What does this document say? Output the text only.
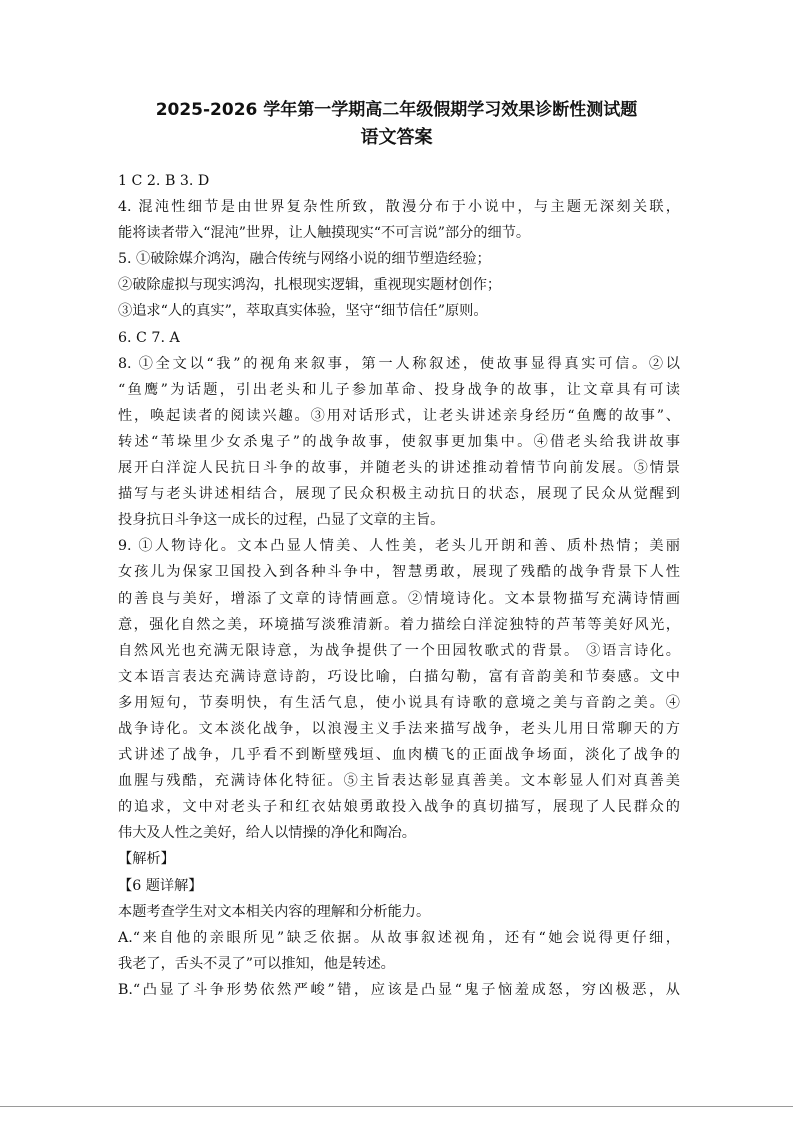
2025-2026 学年第一学期高二年级假期学习效果诊断性测试题
语文答案
1 C 2. B 3. D
4. 混沌性细节是由世界复杂性所致，散漫分布于小说中，与主题无深刻关联，
能将读者带入“混沌”世界，让人触摸现实“不可言说”部分的细节。
5. ①破除媒介鸿沟，融合传统与网络小说的细节塑造经验；
②破除虚拟与现实鸿沟，扎根现实逻辑，重视现实题材创作；
③追求“人的真实”，萃取真实体验，坚守“细节信任”原则。
6. C 7. A
8. ①全文以“我”的视角来叙事，第一人称叙述，使故事显得真实可信。②以
“鱼鹰”为话题，引出老头和儿子参加革命、投身战争的故事，让文章具有可读
性，唤起读者的阅读兴趣。③用对话形式，让老头讲述亲身经历“鱼鹰的故事”、
转述“苇垛里少女杀鬼子”的战争故事，使叙事更加集中。④借老头给我讲故事
展开白洋淀人民抗日斗争的故事，并随老头的讲述推动着情节向前发展。⑤情景
描写与老头讲述相结合，展现了民众积极主动抗日的状态，展现了民众从觉醒到
投身抗日斗争这一成长的过程，凸显了文章的主旨。
9. ①人物诗化。文本凸显人情美、人性美，老头儿开朗和善、质朴热情；美丽
女孩儿为保家卫国投入到各种斗争中，智慧勇敢，展现了残酷的战争背景下人性
的善良与美好，增添了文章的诗情画意。②情境诗化。文本景物描写充满诗情画
意，强化自然之美，环境描写淡雅清新。着力描绘白洋淀独特的芦苇等美好风光，
自然风光也充满无限诗意，为战争提供了一个田园牧歌式的背景。 ③语言诗化。
文本语言表达充满诗意诗韵，巧设比喻，白描勾勒，富有音韵美和节奏感。文中
多用短句，节奏明快，有生活气息，使小说具有诗歌的意境之美与音韵之美。④
战争诗化。文本淡化战争，以浪漫主义手法来描写战争，老头儿用日常聊天的方
式讲述了战争，几乎看不到断壁残垣、血肉横飞的正面战争场面，淡化了战争的
血腥与残酷，充满诗体化特征。⑤主旨表达彰显真善美。文本彰显人们对真善美
的追求，文中对老头子和红衣姑娘勇敢投入战争的真切描写，展现了人民群众的
伟大及人性之美好，给人以情操的净化和陶冶。
【解析】
【6 题详解】
本题考查学生对文本相关内容的理解和分析能力。
A.“来自他的亲眼所见”缺乏依据。从故事叙述视角，还有“她会说得更仔细，
我老了，舌头不灵了”可以推知，他是转述。
B.“凸显了斗争形势依然严峻”错，应该是凸显“鬼子恼羞成怒，穷凶极恶，从
